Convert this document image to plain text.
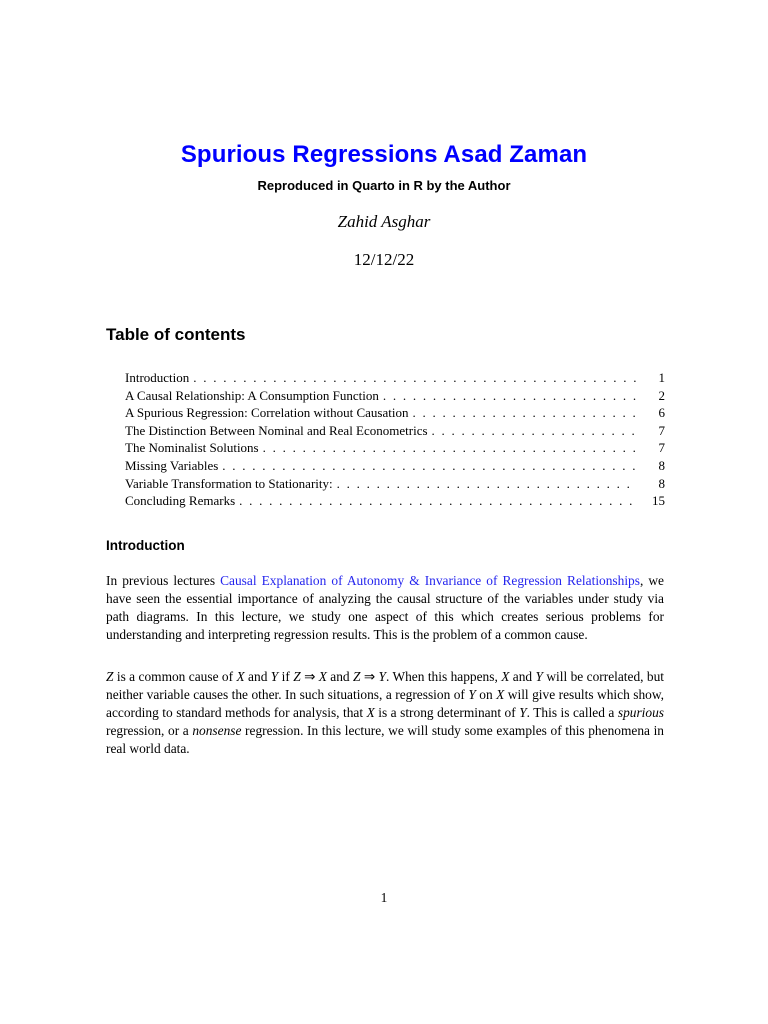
Spurious Regressions Asad Zaman
Reproduced in Quarto in R by the Author
Zahid Asghar
12/12/22
Table of contents
Introduction . . .	1
A Causal Relationship: A Consumption Function . . .	2
A Spurious Regression: Correlation without Causation . . .	6
The Distinction Between Nominal and Real Econometrics . . .	7
The Nominalist Solutions . . .	7
Missing Variables . . .	8
Variable Transformation to Stationarity: . . .	8
Concluding Remarks . . .	15
Introduction

In previous lectures Causal Explanation of Autonomy & Invariance of Regression Relationships, we have seen the essential importance of analyzing the causal structure of the variables under study via path diagrams. In this lecture, we study one aspect of this which creates serious problems for understanding and interpreting regression results. This is the problem of a common cause.

Z is a common cause of X and Y if Z ⇒ X and Z ⇒ Y. When this happens, X and Y will be correlated, but neither variable causes the other. In such situations, a regression of Y on X will give results which show, according to standard methods for analysis, that X is a strong determinant of Y. This is called a spurious regression, or a nonsense regression. In this lecture, we will study some examples of this phenomena in real world data.

1
